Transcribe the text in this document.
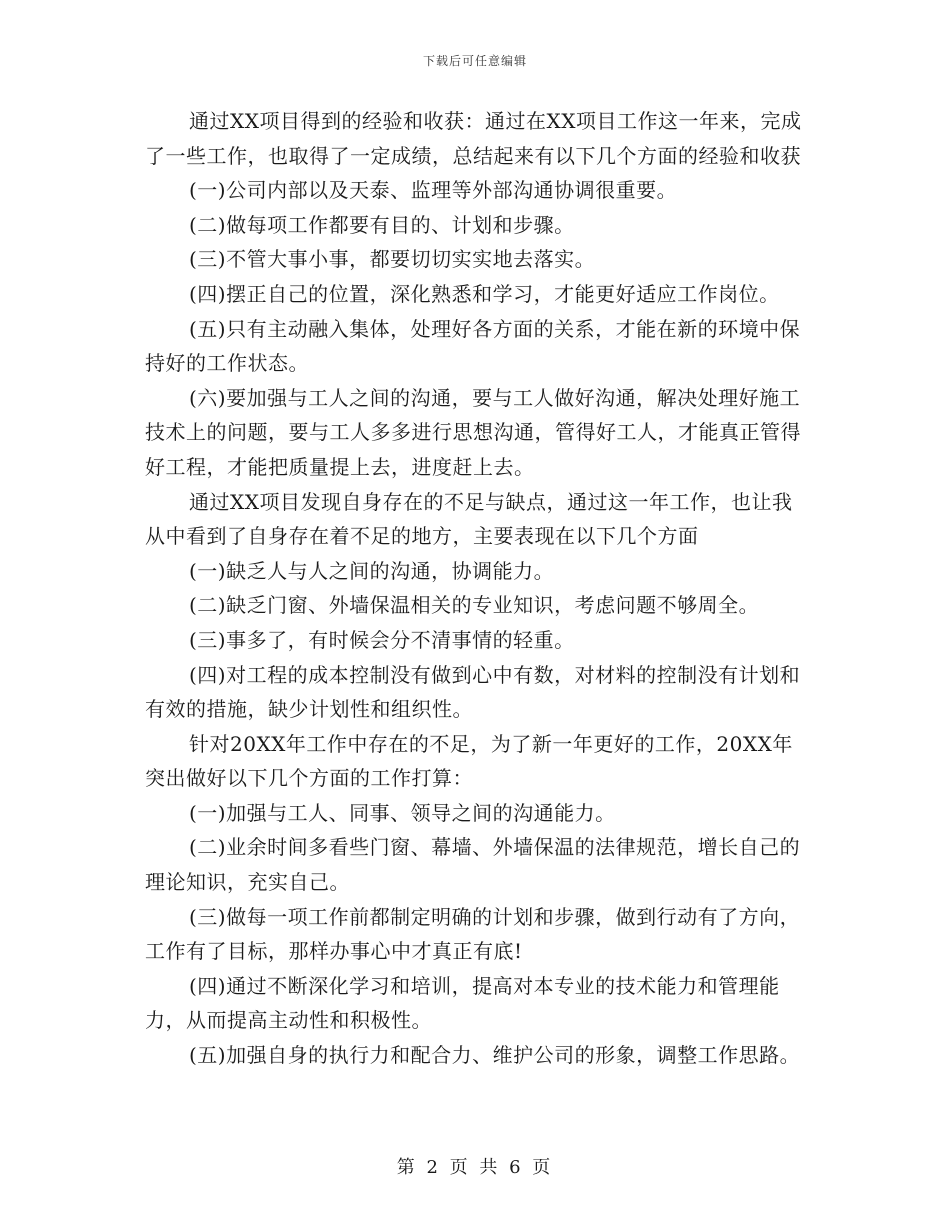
下载后可任意编辑

通过XX项目得到的经验和收获：通过在XX项目工作这一年来，完成了一些工作，也取得了一定成绩，总结起来有以下几个方面的经验和收获

(一)公司内部以及天泰、监理等外部沟通协调很重要。

(二)做每项工作都要有目的、计划和步骤。

(三)不管大事小事，都要切切实实地去落实。

(四)摆正自己的位置，深化熟悉和学习，才能更好适应工作岗位。

(五)只有主动融入集体，处理好各方面的关系，才能在新的环境中保持好的工作状态。

(六)要加强与工人之间的沟通，要与工人做好沟通，解决处理好施工技术上的问题，要与工人多多进行思想沟通，管得好工人，才能真正管得好工程，才能把质量提上去，进度赶上去。

通过XX项目发现自身存在的不足与缺点，通过这一年工作，也让我从中看到了自身存在着不足的地方，主要表现在以下几个方面

(一)缺乏人与人之间的沟通，协调能力。

(二)缺乏门窗、外墙保温相关的专业知识，考虑问题不够周全。

(三)事多了，有时候会分不清事情的轻重。

(四)对工程的成本控制没有做到心中有数，对材料的控制没有计划和有效的措施，缺少计划性和组织性。

针对20XX年工作中存在的不足，为了新一年更好的工作，20XX年突出做好以下几个方面的工作打算：

(一)加强与工人、同事、领导之间的沟通能力。

(二)业余时间多看些门窗、幕墙、外墙保温的法律规范，增长自己的理论知识，充实自己。

(三)做每一项工作前都制定明确的计划和步骤，做到行动有了方向，工作有了目标，那样办事心中才真正有底!

(四)通过不断深化学习和培训，提高对本专业的技术能力和管理能力，从而提高主动性和积极性。

(五)加强自身的执行力和配合力、维护公司的形象，调整工作思路。

第 2 页 共 6 页
